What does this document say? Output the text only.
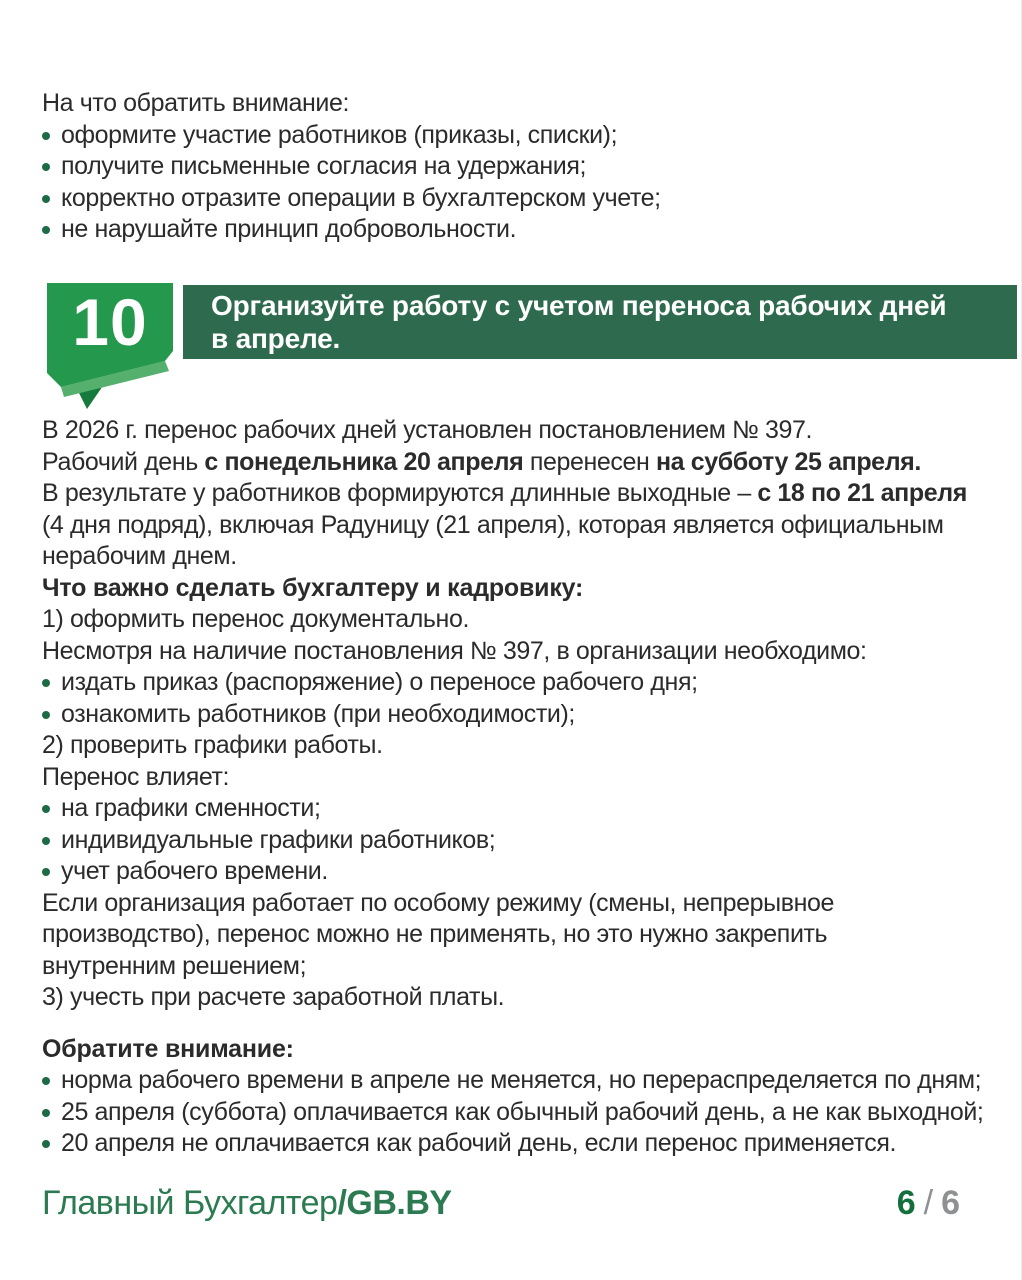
На что обратить внимание:
оформите участие работников (приказы, списки);
получите письменные согласия на удержания;
корректно отразите операции в бухгалтерском учете;
не нарушайте принцип добровольности.
10	Организуйте работу с учетом переноса рабочих дней
в апреле.
В 2026 г. перенос рабочих дней установлен постановлением № 397.
Рабочий день с понедельника 20 апреля перенесен на субботу 25 апреля.
В результате у работников формируются длинные выходные – с 18 по 21 апреля
(4 дня подряд), включая Радуницу (21 апреля), которая является официальным
нерабочим днем.
Что важно сделать бухгалтеру и кадровику:
1) оформить перенос документально.
Несмотря на наличие постановления № 397, в организации необходимо:
издать приказ (распоряжение) о переносе рабочего дня;
ознакомить работников (при необходимости);
2) проверить графики работы.
Перенос влияет:
на графики сменности;
индивидуальные графики работников;
учет рабочего времени.
Если организация работает по особому режиму (смены, непрерывное
производство), перенос можно не применять, но это нужно закрепить
внутренним решением;
3) учесть при расчете заработной платы.
Обратите внимание:
норма рабочего времени в апреле не меняется, но перераспределяется по дням;
25 апреля (суббота) оплачивается как обычный рабочий день, а не как выходной;
20 апреля не оплачивается как рабочий день, если перенос применяется.
Главный Бухгалтер/GB.BY	6 / 6
